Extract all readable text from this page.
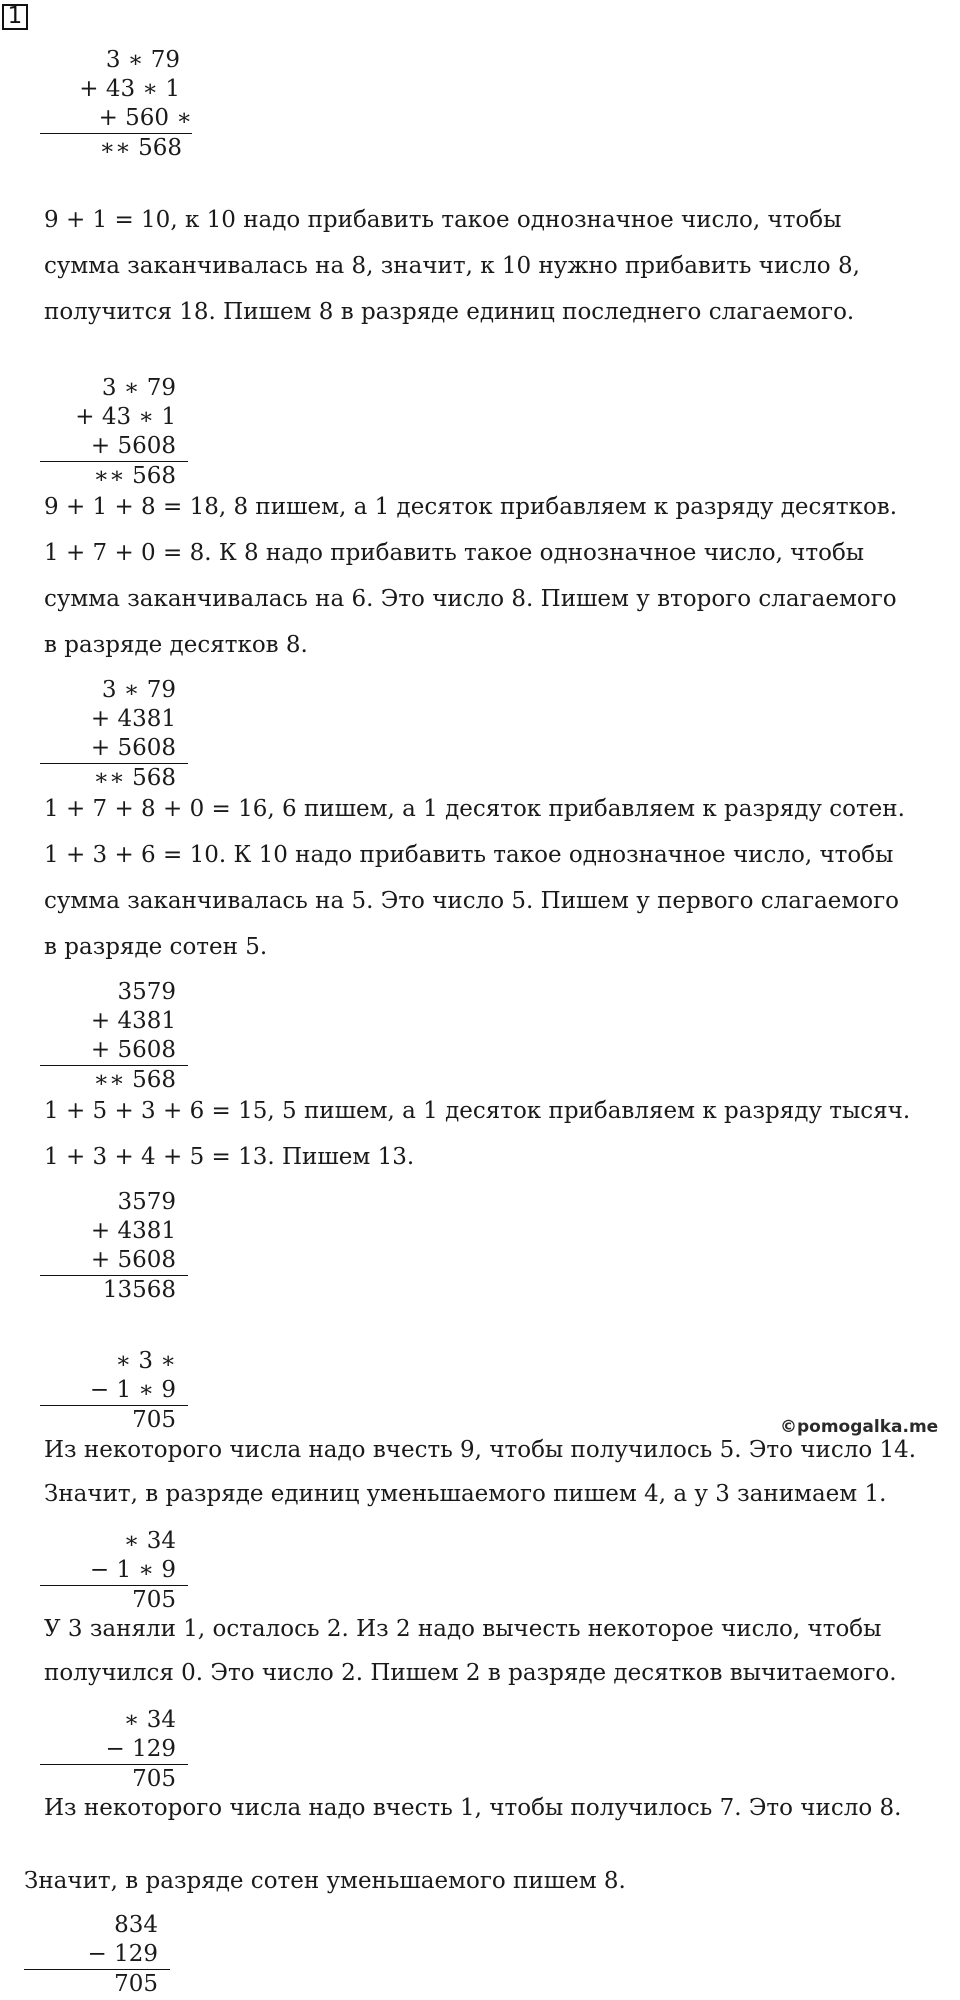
1
3 ∗ 79
+ 43 ∗ 1
+ 560 ∗
∗∗ 568

9 + 1 = 10, к 10 надо прибавить такое однозначное число, чтобы

сумма заканчивалась на 8, значит, к 10 нужно прибавить число 8,

получится 18. Пишем 8 в разряде единиц последнего слагаемого.

3 ∗ 79
+ 43 ∗ 1
+ 5608
∗∗ 568

9 + 1 + 8 = 18, 8 пишем, а 1 десяток прибавляем к разряду десятков.

1 + 7 + 0 = 8. К 8 надо прибавить такое однозначное число, чтобы

сумма заканчивалась на 6. Это число 8. Пишем у второго слагаемого

в разряде десятков 8.

3 ∗ 79
+ 4381
+ 5608
∗∗ 568

1 + 7 + 8 + 0 = 16, 6 пишем, а 1 десяток прибавляем к разряду сотен.

1 + 3 + 6 = 10. К 10 надо прибавить такое однозначное число, чтобы

сумма заканчивалась на 5. Это число 5. Пишем у первого слагаемого

в разряде сотен 5.

3579
+ 4381
+ 5608
∗∗ 568

1 + 5 + 3 + 6 = 15, 5 пишем, а 1 десяток прибавляем к разряду тысяч.

1 + 3 + 4 + 5 = 13. Пишем 13.

3579
+ 4381
+ 5608
13568
∗ 3 ∗
− 1 ∗ 9
705	©pomogalka.me

Из некоторого числа надо вчесть 9, чтобы получилось 5. Это число 14.

Значит, в разряде единиц уменьшаемого пишем 4, а у 3 занимаем 1.

∗ 34
− 1 ∗ 9
705

У 3 заняли 1, осталось 2. Из 2 надо вычесть некоторое число, чтобы

получился 0. Это число 2. Пишем 2 в разряде десятков вычитаемого.

∗ 34
− 129
705

Из некоторого числа надо вчесть 1, чтобы получилось 7. Это число 8.

Значит, в разряде сотен уменьшаемого пишем 8.

834
− 129
705
